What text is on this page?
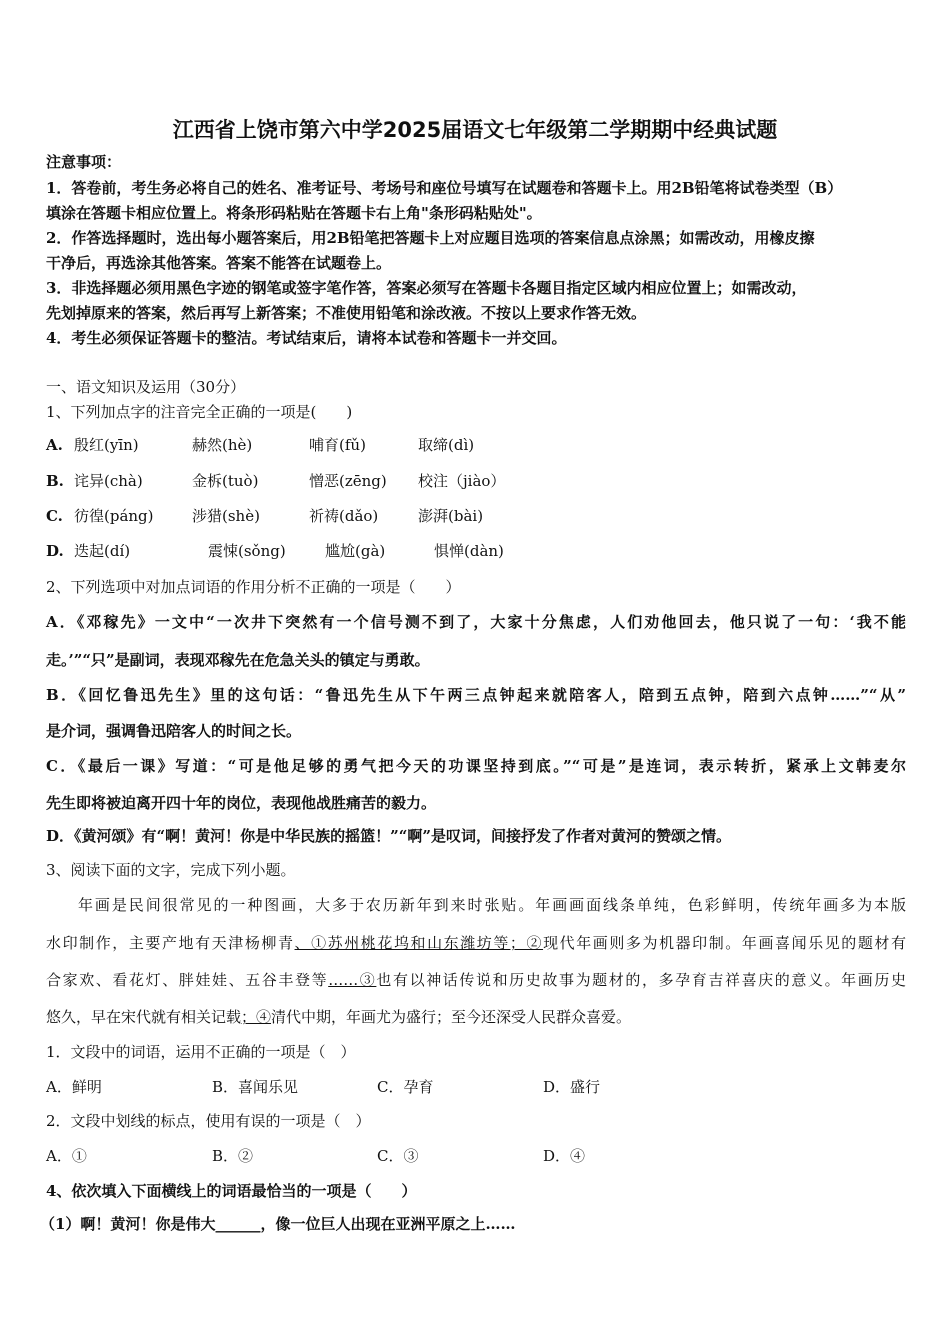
江西省上饶市第六中学2025届语文七年级第二学期期中经典试题
注意事项：
1．答卷前，考生务必将自己的姓名、准考证号、考场号和座位号填写在试题卷和答题卡上。用2B铅笔将试卷类型（B）
填涂在答题卡相应位置上。将条形码粘贴在答题卡右上角"条形码粘贴处"。
2．作答选择题时，选出每小题答案后，用2B铅笔把答题卡上对应题目选项的答案信息点涂黑；如需改动，用橡皮擦
干净后，再选涂其他答案。答案不能答在试题卷上。
3．非选择题必须用黑色字迹的钢笔或签字笔作答，答案必须写在答题卡各题目指定区域内相应位置上；如需改动，
先划掉原来的答案，然后再写上新答案；不准使用铅笔和涂改液。不按以上要求作答无效。
4．考生必须保证答题卡的整洁。考试结束后，请将本试卷和答题卡一并交回。
一、语文知识及运用（30分）
1、下列加点字的注音完全正确的一项是(　　)
A. 殷红(yīn)	赫然(hè)	哺育(fǔ)	取缔(dì)
B. 诧异(chà)	金柝(tuò)	憎恶(zēng) 校注（jiào）
C. 彷徨(páng)	涉猎(shè)	祈祷(dǎo)	澎湃(bài)
D. 迭起(dí)	震悚(sǒng)	尴尬(gà)	惧惮(dàn)
2、下列选项中对加点词语的作用分析不正确的一项是（　　）
A．《邓稼先》一文中“一次井下突然有一个信号测不到了，大家十分焦虑，人们劝他回去，他只说了一句：‘我不能
走。’”“只”是副词，表现邓稼先在危急关头的镇定与勇敢。
B．《回忆鲁迅先生》里的这句话：“鲁迅先生从下午两三点钟起来就陪客人，陪到五点钟，陪到六点钟……”“从”
是介词，强调鲁迅陪客人的时间之长。
C．《最后一课》写道：“可是他足够的勇气把今天的功课坚持到底。”“可是”是连词，表示转折，紧承上文韩麦尔
先生即将被迫离开四十年的岗位，表现他战胜痛苦的毅力。
D．《黄河颂》有“啊！黄河！你是中华民族的摇篮！”“啊”是叹词，间接抒发了作者对黄河的赞颂之情。
3、阅读下面的文字，完成下列小题。
年画是民间很常见的一种图画，大多于农历新年到来时张贴。年画画面线条单纯，色彩鲜明，传统年画多为本版
水印制作，主要产地有天津杨柳青、①苏州桃花坞和山东潍坊等；②现代年画则多为机器印制。年画喜闻乐见的题材有
合家欢、看花灯、胖娃娃、五谷丰登等……③也有以神话传说和历史故事为题材的，多孕育吉祥喜庆的意义。年画历史
悠久，早在宋代就有相关记载；④清代中期，年画尤为盛行；至今还深受人民群众喜爱。
1．文段中的词语，运用不正确的一项是（　）
A．鲜明	B．喜闻乐见	C．孕育	D．盛行
2．文段中划线的标点，使用有误的一项是（　）
A．①	B．②	C．③	D．④
4、依次填入下面横线上的词语最恰当的一项是（　　）
（1）啊！黄河！你是伟大______，像一位巨人出现在亚洲平原之上……
